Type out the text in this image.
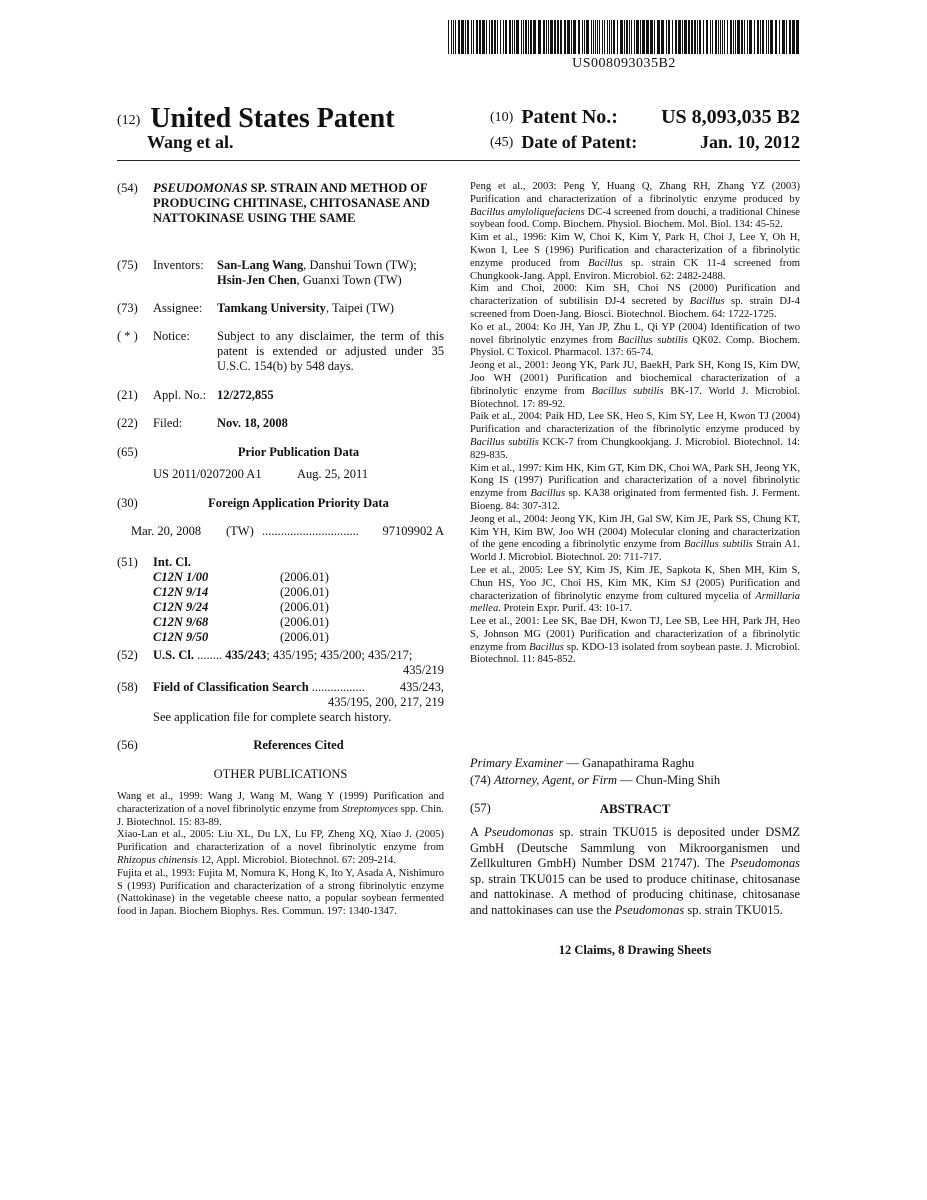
US008093035B2
(12) United States Patent
Wang et al.
(10) Patent No.: US 8,093,035 B2
(45) Date of Patent:	Jan. 10, 2012
(54) PSEUDOMONAS SP. STRAIN AND METHOD OF PRODUCING CHITINASE, CHITOSANASE AND NATTOKINASE USING THE SAME
(75) Inventors: San-Lang Wang, Danshui Town (TW);
Hsin-Jen Chen, Guanxi Town (TW)
(73) Assignee: Tamkang University, Taipei (TW)
( * ) Notice: Subject to any disclaimer, the term of this patent is extended or adjusted under 35 U.S.C. 154(b) by 548 days.
(21) Appl. No.: 12/272,855
(22) Filed:	Nov. 18, 2008
(65)	Prior Publication Data
US 2011/0207200 A1	Aug. 25, 2011
(30)	Foreign Application Priority Data
Mar. 20, 2008 (TW) ...............................	97109902 A
(51) Int. Cl.
C12N 1/00	(2006.01)
C12N 9/14	(2006.01)
C12N 9/24	(2006.01)
C12N 9/68	(2006.01)
C12N 9/50	(2006.01)
(52) U.S. Cl. ........ 435/243; 435/195; 435/200; 435/217;
435/219
(58) Field of Classification Search .................	435/243,
435/195, 200, 217, 219
See application file for complete search history.
(56)	References Cited
OTHER PUBLICATIONS

Wang et al., 1999: Wang J, Wang M, Wang Y (1999) Purification and characterization of a novel fibrinolytic enzyme from Streptomyces spp. Chin. J. Biotechnol. 15: 83-89.

Xiao-Lan et al., 2005: Liu XL, Du LX, Lu FP, Zheng XQ, Xiao J. (2005) Purification and characterization of a novel fibrinolytic enzyme from Rhizopus chinensis 12, Appl. Microbiol. Biotechnol. 67: 209-214.

Fujita et al., 1993: Fujita M, Nomura K, Hong K, Ito Y, Asada A, Nishimuro S (1993) Purification and characterization of a strong fibrinolytic enzyme (Nattokinase) in the vegetable cheese natto, a popular soybean fermented food in Japan. Biochem Biophys. Res. Commun. 197: 1340-1347.

Peng et al., 2003: Peng Y, Huang Q, Zhang RH, Zhang YZ (2003) Purification and characterization of a fibrinolytic enzyme produced by Bacillus amyloliquefaciens DC-4 screened from douchi, a traditional Chinese soybean food. Comp. Biochem. Physiol. Biochem. Mol. Biol. 134: 45-52.

Kim et al., 1996: Kim W, Choi K, Kim Y, Park H, Choi J, Lee Y, Oh H, Kwon I, Lee S (1996) Purification and characterization of a fibrinolytic enzyme produced from Bacillus sp. strain CK 11-4 screened from Chungkook-Jang. Appl. Environ. Microbiol. 62: 2482-2488.

Kim and Choi, 2000: Kim SH, Choi NS (2000) Purification and characterization of subtilisin DJ-4 secreted by Bacillus sp. strain DJ-4 screened from Doen-Jang. Biosci. Biotechnol. Biochem. 64: 1722-1725.

Ko et al., 2004: Ko JH, Yan JP, Zhu L, Qi YP (2004) Identification of two novel fibrinolytic enzymes from Bacillus subtilis QK02. Comp. Biochem. Physiol. C Toxicol. Pharmacol. 137: 65-74.

Jeong et al., 2001: Jeong YK, Park JU, BaekH, Park SH, Kong IS, Kim DW, Joo WH (2001) Purification and biochemical characterization of a fibrinolytic enzyme from Bacillus subtilis BK-17. World J. Microbiol. Biotechnol. 17: 89-92.

Paik et al., 2004: Paik HD, Lee SK, Heo S, Kim SY, Lee H, Kwon TJ (2004) Purification and characterization of the fibrinolytic enzyme produced by Bacillus subtilis KCK-7 from Chungkookjang. J. Microbiol. Biotechnol. 14: 829-835.

Kim et al., 1997: Kim HK, Kim GT, Kim DK, Choi WA, Park SH, Jeong YK, Kong IS (1997) Purification and characterization of a novel fibrinolytic enzyme from Bacillus sp. KA38 originated from fermented fish. J. Ferment. Bioeng. 84: 307-312.

Jeong et al., 2004: Jeong YK, Kim JH, Gal SW, Kim JE, Park SS, Chung KT, Kim YH, Kim BW, Joo WH (2004) Molecular cloning and characterization of the gene encoding a fibrinolytic enzyme from Bacillus subtilis Strain A1. World J. Microbiol. Biotechnol. 20: 711-717.

Lee et al., 2005: Lee SY, Kim JS, Kim JE, Sapkota K, Shen MH, Kim S, Chun HS, Yoo JC, Choi HS, Kim MK, Kim SJ (2005) Purification and characterization of fibrinolytic enzyme from cultured mycelia of Armillaria mellea. Protein Expr. Purif. 43: 10-17.

Lee et al., 2001: Lee SK, Bae DH, Kwon TJ, Lee SB, Lee HH, Park JH, Heo S, Johnson MG (2001) Purification and characterization of a fibrinolytic enzyme from Bacillus sp. KDO-13 isolated from soybean paste. J. Microbiol. Biotechnol. 11: 845-852.

Primary Examiner — Ganapathirama Raghu
(74) Attorney, Agent, or Firm — Chun-Ming Shih
(57)	ABSTRACT
A Pseudomonas sp. strain TKU015 is deposited under DSMZ GmbH (Deutsche Sammlung von Mikroorganismen und Zellkulturen GmbH) Number DSM 21747). The Pseudomonas sp. strain TKU015 can be used to produce chitinase, chitosanase and nattokinase. A method of producing chitinase, chitosanase and nattokinases can use the Pseudomonas sp. strain TKU015.
12 Claims, 8 Drawing Sheets
